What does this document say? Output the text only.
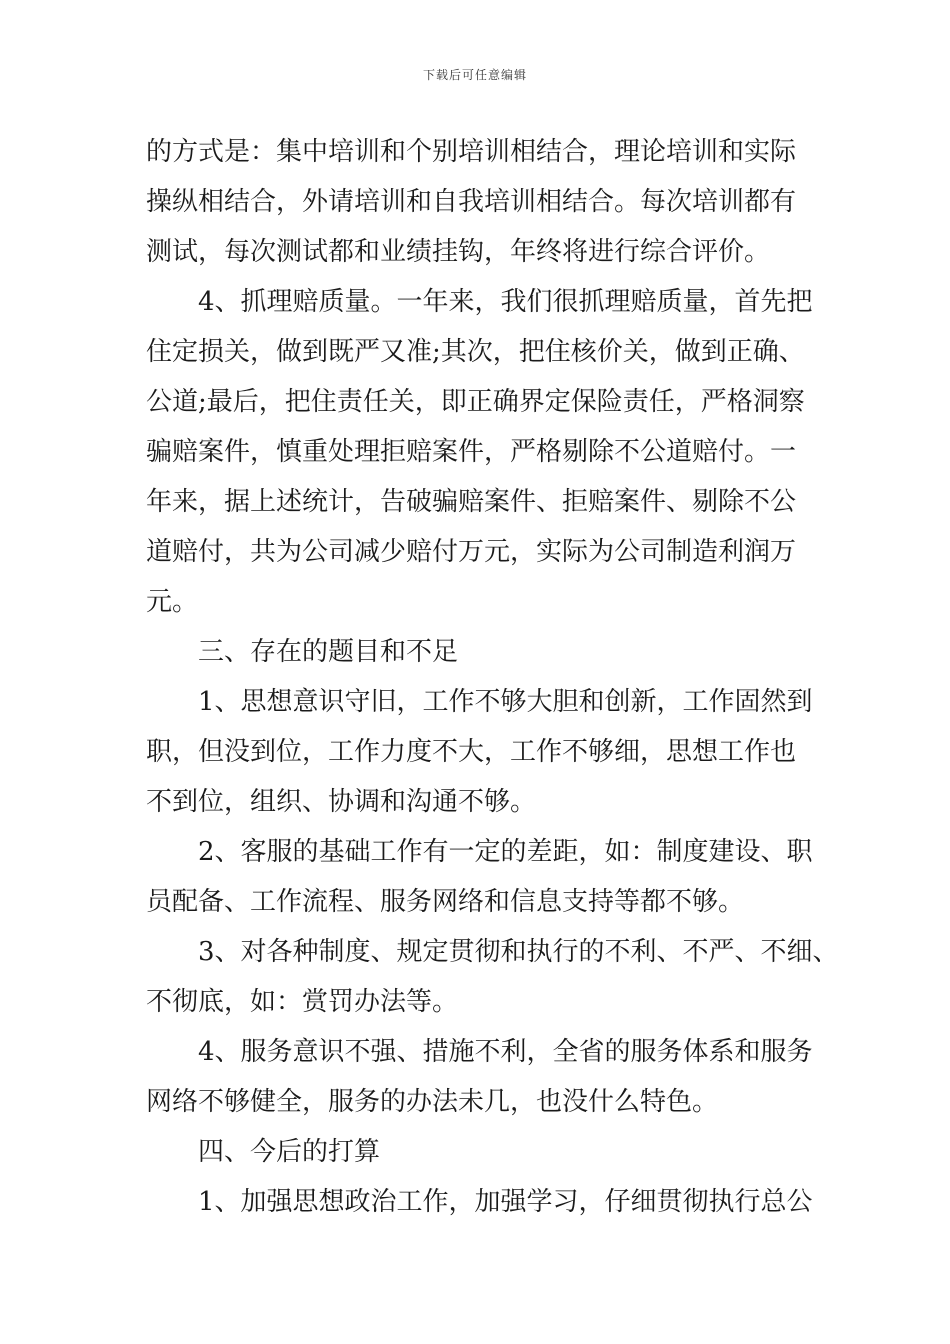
下载后可任意编辑
的方式是：集中培训和个别培训相结合，理论培训和实际
操纵相结合，外请培训和自我培训相结合。每次培训都有
测试，每次测试都和业绩挂钩，年终将进行综合评价。
4、抓理赔质量。一年来，我们很抓理赔质量，首先把
住定损关，做到既严又准;其次，把住核价关，做到正确、
公道;最后，把住责任关，即正确界定保险责任，严格洞察
骗赔案件，慎重处理拒赔案件，严格剔除不公道赔付。一
年来，据上述统计，告破骗赔案件、拒赔案件、剔除不公
道赔付，共为公司减少赔付万元，实际为公司制造利润万
元。
三、存在的题目和不足
1、思想意识守旧，工作不够大胆和创新，工作固然到
职，但没到位，工作力度不大，工作不够细，思想工作也
不到位，组织、协调和沟通不够。
2、客服的基础工作有一定的差距，如：制度建设、职
员配备、工作流程、服务网络和信息支持等都不够。
3、对各种制度、规定贯彻和执行的不利、不严、不细、
不彻底，如：赏罚办法等。
4、服务意识不强、措施不利，全省的服务体系和服务
网络不够健全，服务的办法未几，也没什么特色。
四、今后的打算
1、加强思想政治工作，加强学习，仔细贯彻执行总公
